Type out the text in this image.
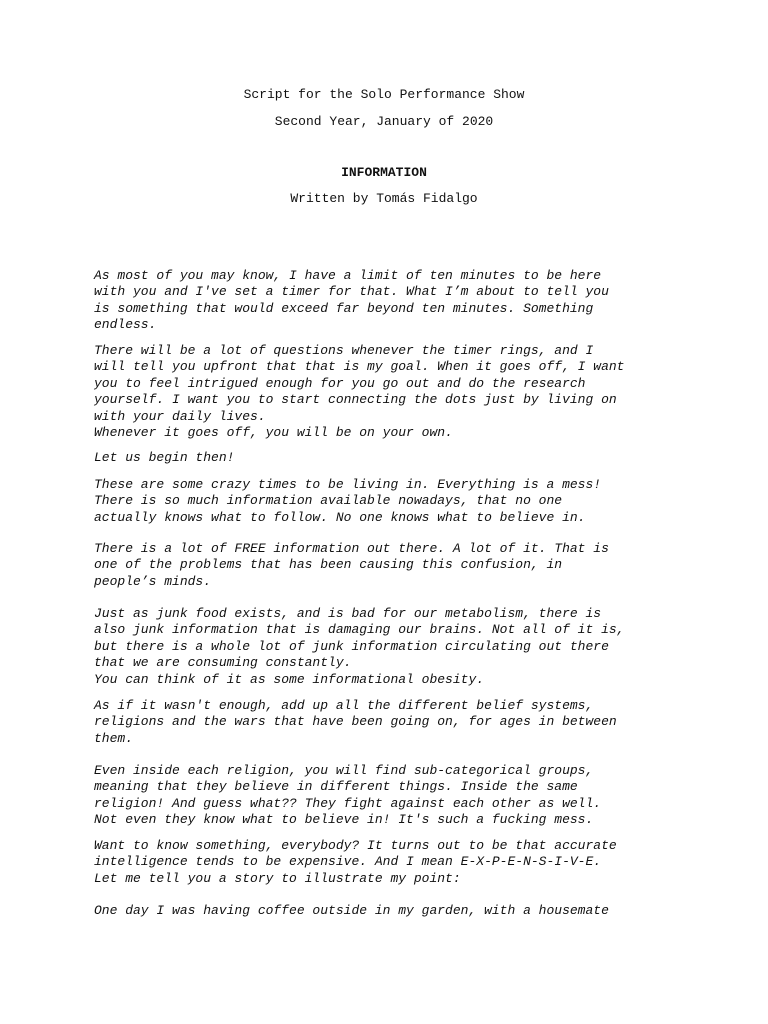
Script for the Solo Performance Show
Second Year, January of 2020
INFORMATION
Written by Tomás Fidalgo
As most of you may know, I have a limit of ten minutes to be here
with you and I've set a timer for that. What I’m about to tell you
is something that would exceed far beyond ten minutes. Something
endless.
There will be a lot of questions whenever the timer rings, and I
will tell you upfront that that is my goal. When it goes off, I want
you to feel intrigued enough for you go out and do the research
yourself. I want you to start connecting the dots just by living on
with your daily lives.
Whenever it goes off, you will be on your own.
Let us begin then!
These are some crazy times to be living in. Everything is a mess!
There is so much information available nowadays, that no one
actually knows what to follow. No one knows what to believe in.
There is a lot of FREE information out there. A lot of it. That is
one of the problems that has been causing this confusion, in
people’s minds.
Just as junk food exists, and is bad for our metabolism, there is
also junk information that is damaging our brains. Not all of it is,
but there is a whole lot of junk information circulating out there
that we are consuming constantly.
You can think of it as some informational obesity.
As if it wasn't enough, add up all the different belief systems,
religions and the wars that have been going on, for ages in between
them.
Even inside each religion, you will find sub-categorical groups,
meaning that they believe in different things. Inside the same
religion! And guess what?? They fight against each other as well.
Not even they know what to believe in! It's such a fucking mess.
Want to know something, everybody? It turns out to be that accurate
intelligence tends to be expensive. And I mean E-X-P-E-N-S-I-V-E.
Let me tell you a story to illustrate my point:
One day I was having coffee outside in my garden, with a housemate
